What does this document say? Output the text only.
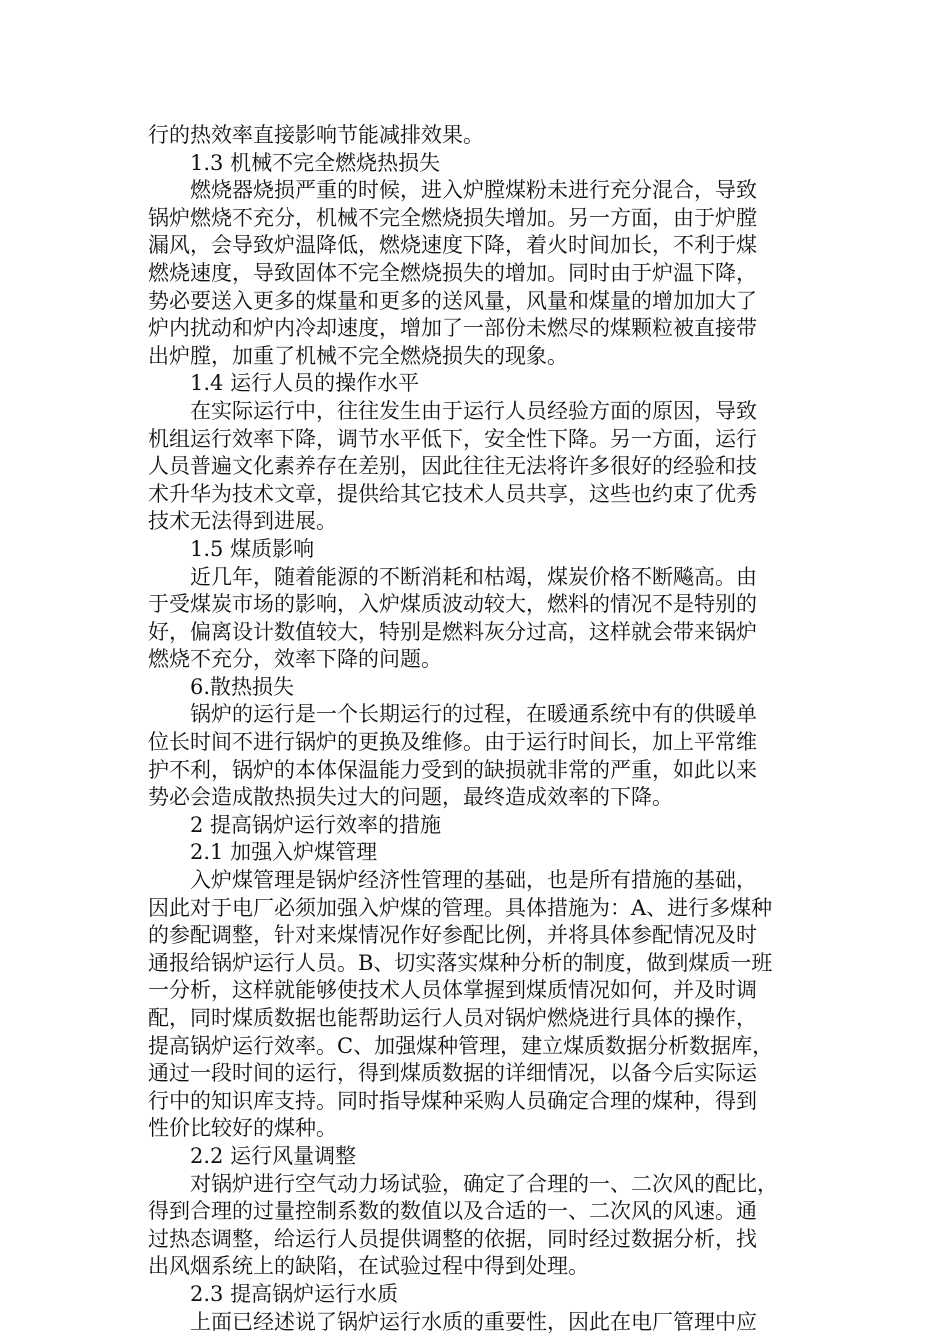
行的热效率直接影响节能减排效果。
1.3 机械不完全燃烧热损失
燃烧器烧损严重的时候，进入炉膛煤粉未进行充分混合，导致
锅炉燃烧不充分，机械不完全燃烧损失增加。另一方面，由于炉膛
漏风，会导致炉温降低，燃烧速度下降，着火时间加长，不利于煤
燃烧速度，导致固体不完全燃烧损失的增加。同时由于炉温下降，
势必要送入更多的煤量和更多的送风量，风量和煤量的增加加大了
炉内扰动和炉内冷却速度，增加了一部份未燃尽的煤颗粒被直接带
出炉膛，加重了机械不完全燃烧损失的现象。
1.4 运行人员的操作水平
在实际运行中，往往发生由于运行人员经验方面的原因，导致
机组运行效率下降，调节水平低下，安全性下降。另一方面，运行
人员普遍文化素养存在差别，因此往往无法将许多很好的经验和技
术升华为技术文章，提供给其它技术人员共享，这些也约束了优秀
技术无法得到进展。
1.5 煤质影响
近几年，随着能源的不断消耗和枯竭，煤炭价格不断飚高。由
于受煤炭市场的影响，入炉煤质波动较大，燃料的情况不是特别的
好，偏离设计数值较大，特别是燃料灰分过高，这样就会带来锅炉
燃烧不充分，效率下降的问题。
6.散热损失
锅炉的运行是一个长期运行的过程，在暖通系统中有的供暖单
位长时间不进行锅炉的更换及维修。由于运行时间长，加上平常维
护不利，锅炉的本体保温能力受到的缺损就非常的严重，如此以来
势必会造成散热损失过大的问题，最终造成效率的下降。
2 提高锅炉运行效率的措施
2.1 加强入炉煤管理
入炉煤管理是锅炉经济性管理的基础，也是所有措施的基础，
因此对于电厂必须加强入炉煤的管理。具体措施为：A、进行多煤种
的参配调整，针对来煤情况作好参配比例，并将具体参配情况及时
通报给锅炉运行人员。B、切实落实煤种分析的制度，做到煤质一班
一分析，这样就能够使技术人员体掌握到煤质情况如何，并及时调
配，同时煤质数据也能帮助运行人员对锅炉燃烧进行具体的操作，
提高锅炉运行效率。C、加强煤种管理，建立煤质数据分析数据库，
通过一段时间的运行，得到煤质数据的详细情况，以备今后实际运
行中的知识库支持。同时指导煤种采购人员确定合理的煤种，得到
性价比较好的煤种。
2.2 运行风量调整
对锅炉进行空气动力场试验，确定了合理的一、二次风的配比，
得到合理的过量控制系数的数值以及合适的一、二次风的风速。通
过热态调整，给运行人员提供调整的依据，同时经过数据分析，找
出风烟系统上的缺陷，在试验过程中得到处理。
2.3 提高锅炉运行水质
上面已经述说了锅炉运行水质的重要性，因此在电厂管理中应
